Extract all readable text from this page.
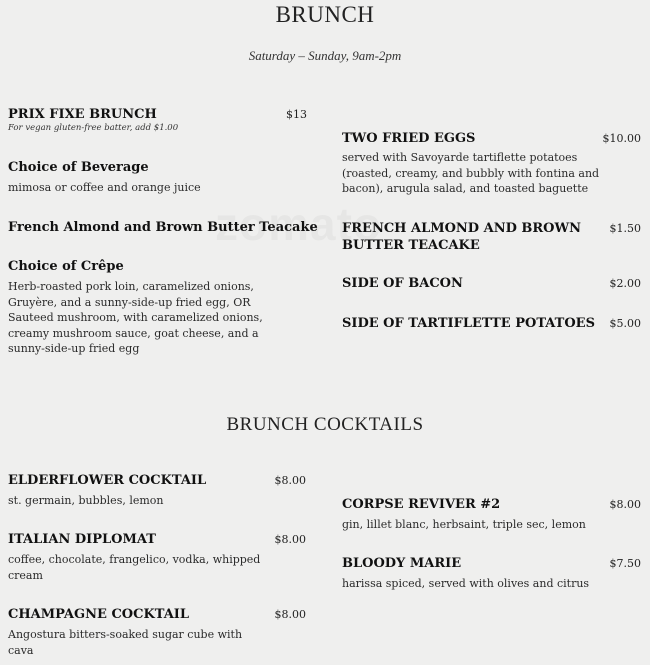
BRUNCH
Saturday – Sunday, 9am-2pm
PRIX FIXE BRUNCH
For vegan gluten-free batter, add $1.00
$13
Choice of Beverage
mimosa or coffee and orange juice
French Almond and Brown Butter Teacake
Choice of Crêpe
Herb-roasted pork loin, caramelized onions,
Gruyère, and a sunny-side-up fried egg, OR
Sauteed mushroom, with caramelized onions,
creamy mushroom sauce, goat cheese, and a
sunny-side-up fried egg
TWO FRIED EGGS
served with Savoyarde tartiflette potatoes
(roasted, creamy, and bubbly with fontina and
bacon), arugula salad, and toasted baguette
$10.00
FRENCH ALMOND AND BROWN
BUTTER TEACAKE
$1.50
SIDE OF BACON	$2.00
SIDE OF TARTIFLETTE POTATOES	$5.00
BRUNCH COCKTAILS
ELDERFLOWER COCKTAIL
st. germain, bubbles, lemon
$8.00
ITALIAN DIPLOMAT
coffee, chocolate, frangelico, vodka, whipped
cream
$8.00
CHAMPAGNE COCKTAIL
Angostura bitters-soaked sugar cube with
cava
$8.00
CORPSE REVIVER #2
gin, lillet blanc, herbsaint, triple sec, lemon
$8.00
BLOODY MARIE
harissa spiced, served with olives and citrus
$7.50
